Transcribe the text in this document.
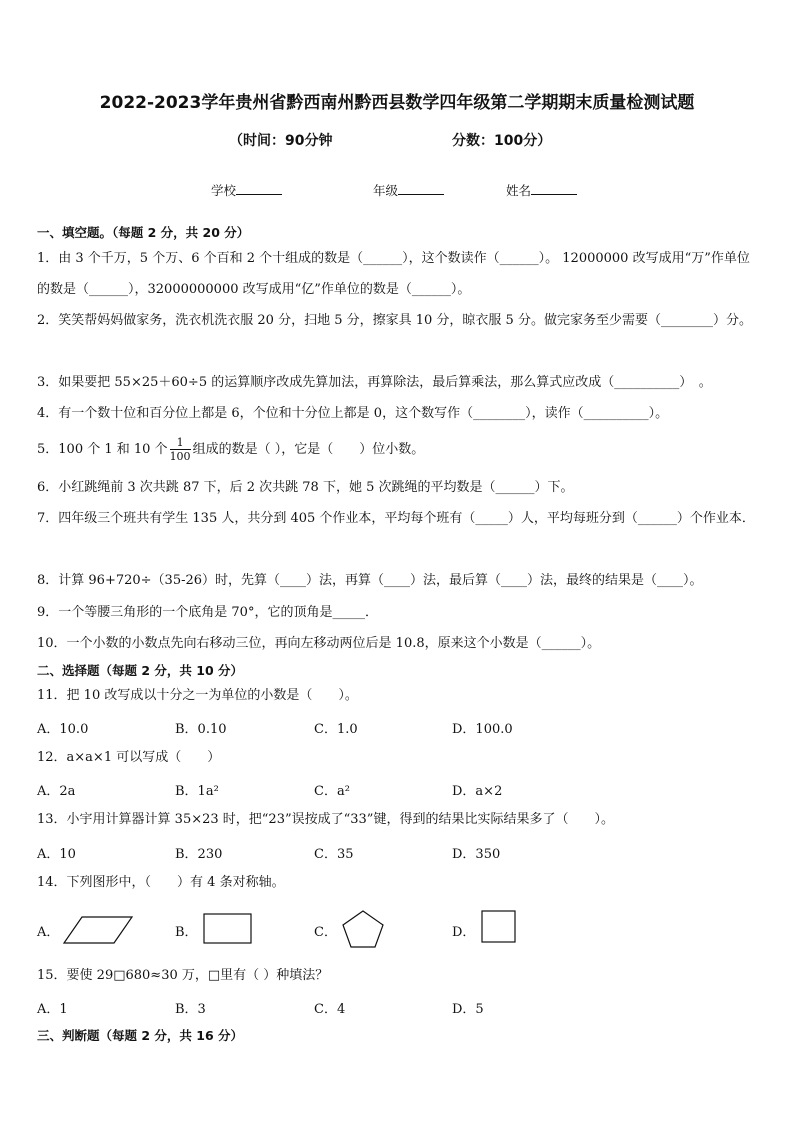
2022-2023学年贵州省黔西南州黔西县数学四年级第二学期期末质量检测试题
（时间：90分钟	分数：100分）
学校	年级	姓名
一、填空题。（每题 2 分，共 20 分）
1．由 3 个千万，5 个万、6 个百和 2 个十组成的数是（______），这个数读作（______）。 12000000 改写成用“万”作单位的数是（______），32000000000 改写成用“亿”作单位的数是（______）。
2．笑笑帮妈妈做家务，洗衣机洗衣服 20 分，扫地 5 分，擦家具 10 分，晾衣服 5 分。做完家务至少需要（________）分。
3．如果要把 55×25＋60÷5 的运算顺序改成先算加法，再算除法，最后算乘法，那么算式应改成（__________）　。
4．有一个数十位和百分位上都是 6，个位和十分位上都是 0，这个数写作（________），读作（__________）。
5．100 个 1 和 10 个 $\frac{1}{100}$ 组成的数是（ ），它是（　　）位小数。
6．小红跳绳前 3 次共跳 87 下，后 2 次共跳 78 下，她 5 次跳绳的平均数是（______）下。
7．四年级三个班共有学生 135 人，共分到 405 个作业本，平均每个班有（_____）人，平均每班分到（______）个作业本．
8．计算 96+720÷（35-26）时，先算（____）法，再算（____）法，最后算（____）法，最终的结果是（____）。
9．一个等腰三角形的一个底角是 70°，它的顶角是_____．
10．一个小数的小数点先向右移动三位，再向左移动两位后是 10.8，原来这个小数是（______）。
二、选择题（每题 2 分，共 10 分）
11．把 10 改写成以十分之一为单位的小数是（　　）。
A．10.0	B．0.10	C．1.0	D．100.0
12．a×a×1 可以写成（　　）
A．2a	B．1a²	C．a²	D．a×2
13．小宇用计算器计算 35×23 时，把“23”误按成了“33”键，得到的结果比实际结果多了（　　）。
A．10	B．230	C．35	D．350
14．下列图形中，（　　）有 4 条对称轴。
A．	B．	C．	D．
15．要使 29□680≈30 万，□里有（ ）种填法？
A．1	B．3	C．4	D．5
三、判断题（每题 2 分，共 16 分）
